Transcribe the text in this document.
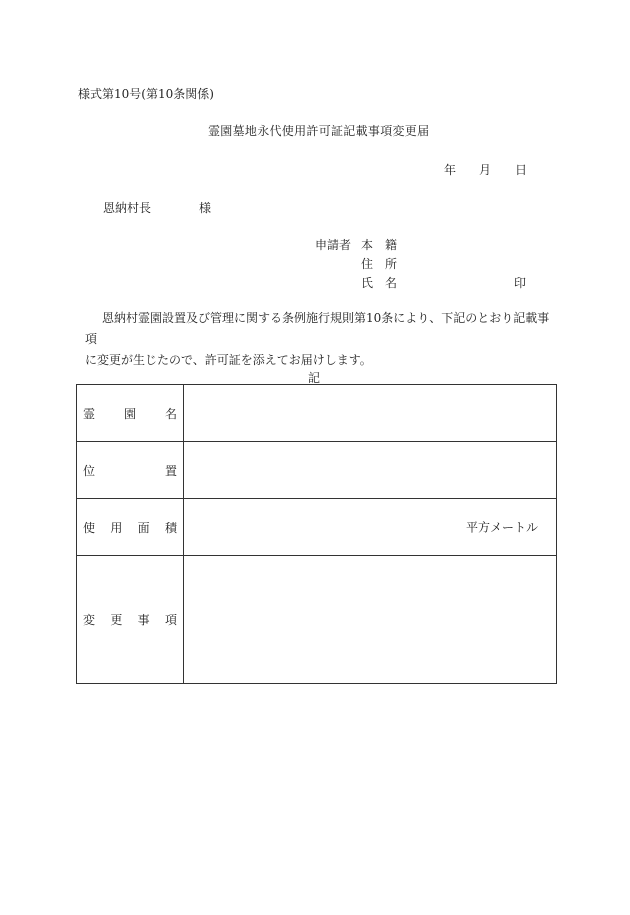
様式第10号(第10条関係)
霊園墓地永代使用許可証記載事項変更届
年 月 日
恩納村長	様
申請者 本　籍
住　所
氏　名	印

恩納村霊園設置及び管理に関する条例施行規則第10条により、下記のとおり記載事項

に変更が生じたので、許可証を添えてお届けします。

記
霊 園 名	

位 置	

使 用 面 積	平方メートル

変 更 事 項	
